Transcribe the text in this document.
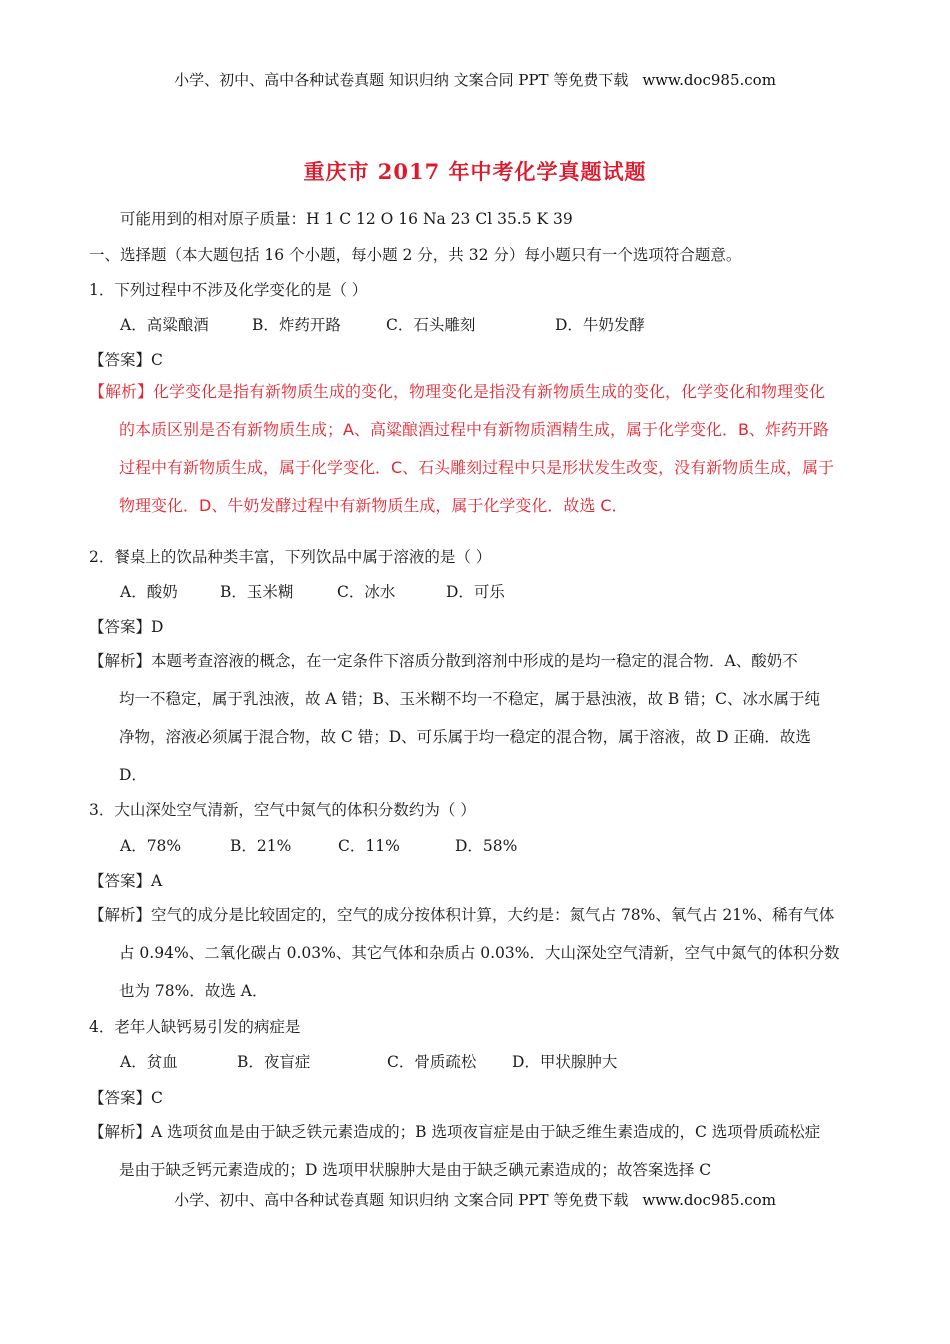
小学、初中、高中各种试卷真题 知识归纳 文案合同 PPT 等免费下载 www.doc985.com
重庆市 2017 年中考化学真题试题
可能用到的相对原子质量：H 1 C 12 O 16 Na 23 Cl 35.5 K 39
一、选择题（本大题包括 16 个小题，每小题 2 分，共 32 分）每小题只有一个选项符合题意。
1．下列过程中不涉及化学变化的是（ ）
A．高粱酿酒	B．炸药开路	C．石头雕刻	D．牛奶发酵
【答案】C
【解析】化学变化是指有新物质生成的变化，物理变化是指没有新物质生成的变化，化学变化和物理变化
的本质区别是否有新物质生成；A、高粱酿酒过程中有新物质酒精生成，属于化学变化．B、炸药开路
过程中有新物质生成，属于化学变化．C、石头雕刻过程中只是形状发生改变，没有新物质生成，属于
物理变化．D、牛奶发酵过程中有新物质生成，属于化学变化．故选 C．
2．餐桌上的饮品种类丰富，下列饮品中属于溶液的是（ ）
A．酸奶	B．玉米糊	C．冰水	D．可乐
【答案】D
【解析】本题考查溶液的概念，在一定条件下溶质分散到溶剂中形成的是均一稳定的混合物．A、酸奶不
均一不稳定，属于乳浊液，故 A 错；B、玉米糊不均一不稳定，属于悬浊液，故 B 错；C、冰水属于纯
净物，溶液必须属于混合物，故 C 错；D、可乐属于均一稳定的混合物，属于溶液，故 D 正确．故选
D．
3．大山深处空气清新，空气中氮气的体积分数约为（ ）
A．78%	B．21%	C．11%	D．58%
【答案】A
【解析】空气的成分是比较固定的，空气的成分按体积计算，大约是：氮气占 78%、氧气占 21%、稀有气体
占 0.94%、二氧化碳占 0.03%、其它气体和杂质占 0.03%．大山深处空气清新，空气中氮气的体积分数
也为 78%．故选 A．
4．老年人缺钙易引发的病症是
A．贫血	B．夜盲症	C．骨质疏松 D．甲状腺肿大
【答案】C
【解析】A 选项贫血是由于缺乏铁元素造成的；B 选项夜盲症是由于缺乏维生素造成的，C 选项骨质疏松症
是由于缺乏钙元素造成的；D 选项甲状腺肿大是由于缺乏碘元素造成的；故答案选择 C
小学、初中、高中各种试卷真题 知识归纳 文案合同 PPT 等免费下载 www.doc985.com
